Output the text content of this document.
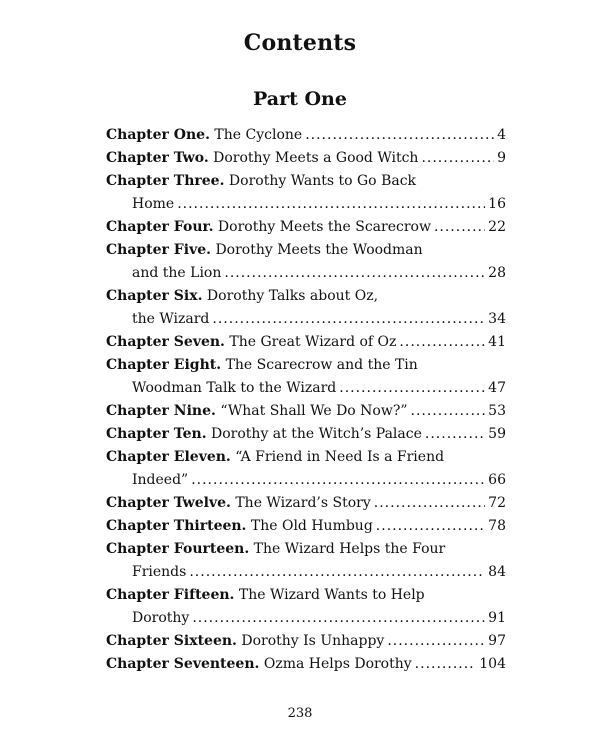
Contents
Part One
Chapter One. The Cyclone .....	4
Chapter Two. Dorothy Meets a Good Witch .....	9
Chapter Three. Dorothy Wants to Go Back
Home .....	16
Chapter Four. Dorothy Meets the Scarecrow .....	22
Chapter Five. Dorothy Meets the Woodman
and the Lion .....	28
Chapter Six. Dorothy Talks about Oz,
the Wizard .....	34
Chapter Seven. The Great Wizard of Oz .....	41
Chapter Eight. The Scarecrow and the Tin
Woodman Talk to the Wizard .....	47
Chapter Nine. “What Shall We Do Now?” .....	53
Chapter Ten. Dorothy at the Witch’s Palace .....	59
Chapter Eleven. “A Friend in Need Is a Friend
Indeed” .....	66
Chapter Twelve. The Wizard’s Story .....	72
Chapter Thirteen. The Old Humbug .....	78
Chapter Fourteen. The Wizard Helps the Four
Friends .....	84
Chapter Fifteen. The Wizard Wants to Help
Dorothy .....	91
Chapter Sixteen. Dorothy Is Unhappy .....	97
Chapter Seventeen. Ozma Helps Dorothy .....	104
238
